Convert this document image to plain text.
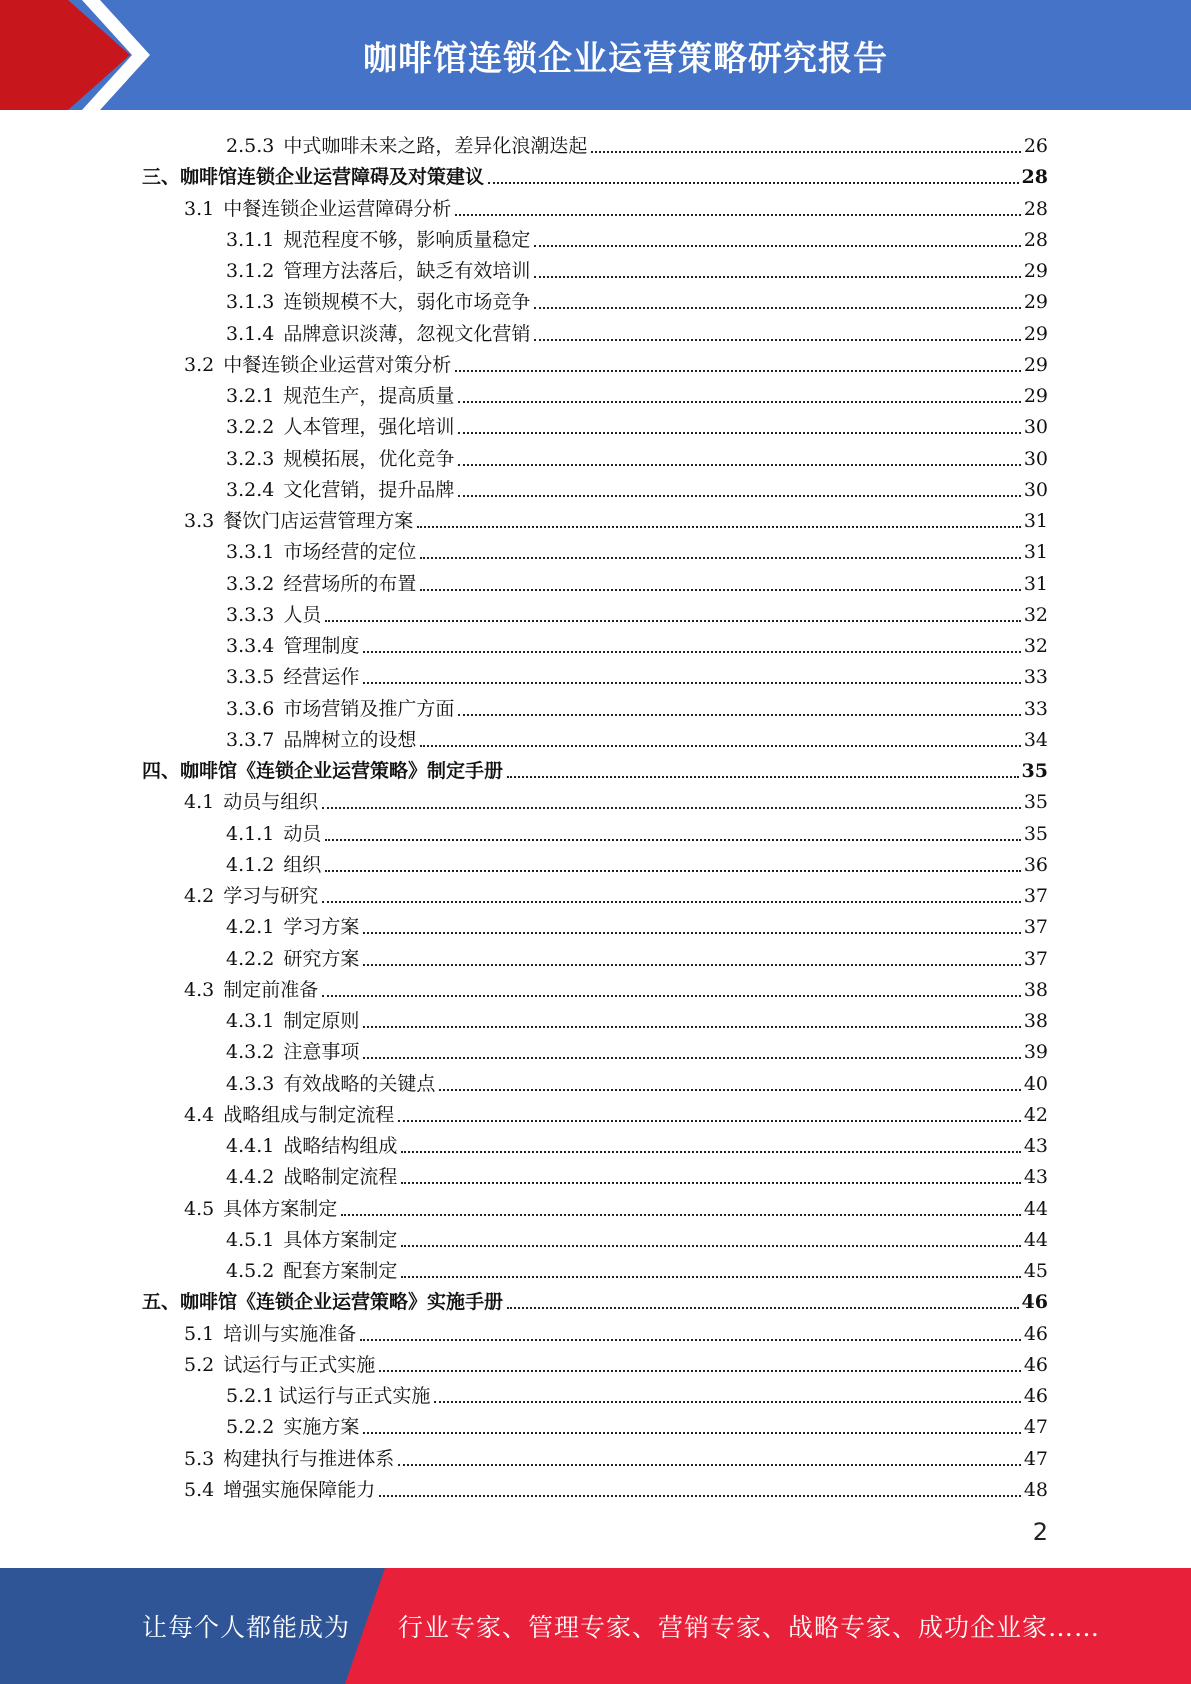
咖啡馆连锁企业运营策略研究报告
2.5.3 中式咖啡未来之路，差异化浪潮迭起	26
三、咖啡馆连锁企业运营障碍及对策建议	28
3.1 中餐连锁企业运营障碍分析	28
3.1.1 规范程度不够，影响质量稳定	28
3.1.2 管理方法落后，缺乏有效培训	29
3.1.3 连锁规模不大，弱化市场竞争	29
3.1.4 品牌意识淡薄，忽视文化营销	29
3.2 中餐连锁企业运营对策分析	29
3.2.1 规范生产，提高质量	29
3.2.2 人本管理，强化培训	30
3.2.3 规模拓展，优化竞争	30
3.2.4 文化营销，提升品牌	30
3.3 餐饮门店运营管理方案	31
3.3.1 市场经营的定位	31
3.3.2 经营场所的布置	31
3.3.3 人员	32
3.3.4 管理制度	32
3.3.5 经营运作	33
3.3.6 市场营销及推广方面	33
3.3.7 品牌树立的设想	34
四、咖啡馆《连锁企业运营策略》制定手册	35
4.1 动员与组织	35
4.1.1 动员	35
4.1.2 组织	36
4.2 学习与研究	37
4.2.1 学习方案	37
4.2.2 研究方案	37
4.3 制定前准备	38
4.3.1 制定原则	38
4.3.2 注意事项	39
4.3.3 有效战略的关键点	40
4.4 战略组成与制定流程	42
4.4.1 战略结构组成	43
4.4.2 战略制定流程	43
4.5 具体方案制定	44
4.5.1 具体方案制定	44
4.5.2 配套方案制定	45
五、咖啡馆《连锁企业运营策略》实施手册	46
5.1 培训与实施准备	46
5.2 试运行与正式实施	46
5.2.1 试运行与正式实施	46
5.2.2 实施方案	47
5.3 构建执行与推进体系	47
5.4 增强实施保障能力	48
2
让每个人都能成为 行业专家、管理专家、营销专家、战略专家、成功企业家……
